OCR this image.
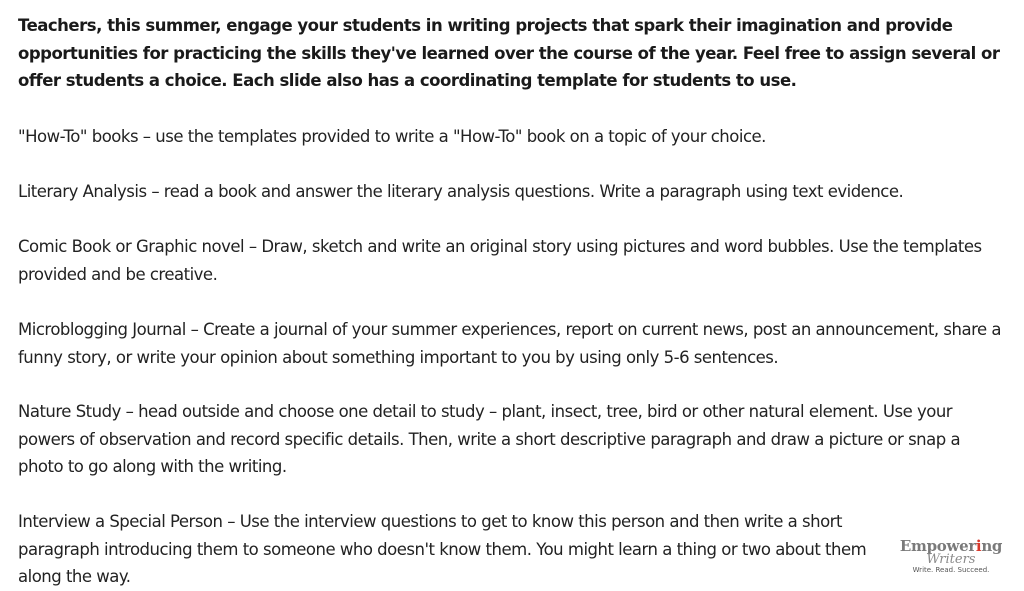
Teachers, this summer, engage your students in writing projects that spark their imagination and provide opportunities for practicing the skills they've learned over the course of the year. Feel free to assign several or offer students a choice. Each slide also has a coordinating template for students to use.

"How-To" books – use the templates provided to write a "How-To" book on a topic of your choice.

Literary Analysis – read a book and answer the literary analysis questions. Write a paragraph using text evidence.

Comic Book or Graphic novel – Draw, sketch and write an original story using pictures and word bubbles. Use the templates provided and be creative.

Microblogging Journal – Create a journal of your summer experiences, report on current news, post an announcement, share a funny story, or write your opinion about something important to you by using only 5-6 sentences.

Nature Study – head outside and choose one detail to study – plant, insect, tree, bird or other natural element. Use your powers of observation and record specific details. Then, write a short descriptive paragraph and draw a picture or snap a photo to go along with the writing.

Interview a Special Person – Use the interview questions to get to know this person and then write a short paragraph introducing them to someone who doesn't know them. You might learn a thing or two about them along the way.

Empowering
Writers
Write. Read. Succeed.
